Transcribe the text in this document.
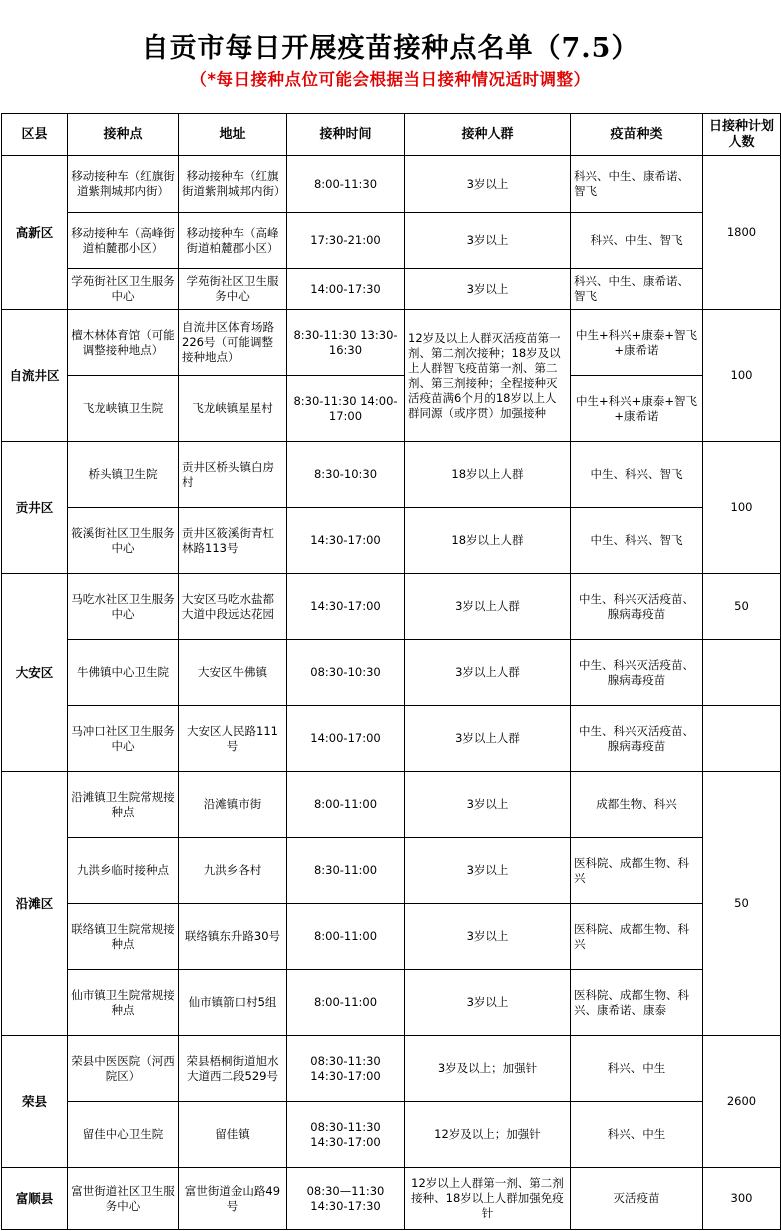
自贡市每日开展疫苗接种点名单（7.5）
（*每日接种点位可能会根据当日接种情况适时调整）
区县	接种点	地址	接种时间	接种人群	疫苗种类	日接种计划人数
高新区	移动接种车（红旗街道紫荆城邦内街）	移动接种车（红旗街道紫荆城邦内街）	8:00-11:30	3岁以上	科兴、中生、康希诺、智飞	1800
	移动接种车（高峰街道柏麓郡小区）	移动接种车（高峰街道柏麓郡小区）	17:30-21:00	3岁以上	科兴、中生、智飞	
	学苑街社区卫生服务中心	学苑街社区卫生服务中心	14:00-17:30	3岁以上	科兴、中生、康希诺、智飞	
自流井区	檀木林体育馆（可能调整接种地点）	自流井区体育场路226号（可能调整接种地点）	8:30-11:30 13:30-16:30	12岁及以上人群灭活疫苗第一剂、第二剂次接种；18岁及以上人群智飞疫苗第一剂、第二剂、第三剂接种；全程接种灭活疫苗满6个月的18岁以上人群同源（或序贯）加强接种	中生+科兴+康泰+智飞+康希诺	100
	飞龙峡镇卫生院	飞龙峡镇星星村	8:30-11:30 14:00-17:00		中生+科兴+康泰+智飞+康希诺	
贡井区	桥头镇卫生院	贡井区桥头镇白房村	8:30-10:30	18岁以上人群	中生、科兴、智飞	100
	筱溪街社区卫生服务中心	贡井区筱溪街青杠林路113号	14:30-17:00	18岁以上人群	中生、科兴、智飞	
大安区	马吃水社区卫生服务中心	大安区马吃水盐都大道中段远达花园	14:30-17:00	3岁以上人群	中生、科兴灭活疫苗、腺病毒疫苗	50
	牛佛镇中心卫生院	大安区牛佛镇	08:30-10:30	3岁以上人群	中生、科兴灭活疫苗、腺病毒疫苗	
	马冲口社区卫生服务中心	大安区人民路111号	14:00-17:00	3岁以上人群	中生、科兴灭活疫苗、腺病毒疫苗	
沿滩区	沿滩镇卫生院常规接种点	沿滩镇市街	8:00-11:00	3岁以上	成都生物、科兴	50
	九洪乡临时接种点	九洪乡各村	8:30-11:00	3岁以上	医科院、成都生物、科兴	
	联络镇卫生院常规接种点	联络镇东升路30号	8:00-11:00	3岁以上	医科院、成都生物、科兴	
	仙市镇卫生院常规接种点	仙市镇箭口村5组	8:00-11:00	3岁以上	医科院、成都生物、科兴、康希诺、康泰	
荣县	荣县中医医院（河西院区）	荣县梧桐街道旭水大道西二段529号	08:30-11:30 14:30-17:00	3岁及以上；加强针	科兴、中生	2600
	留佳中心卫生院	留佳镇	08:30-11:30 14:30-17:00	12岁及以上；加强针	科兴、中生	
富顺县	富世街道社区卫生服务中心	富世街道金山路49号	08:30—11:30 14:30-17:30	12岁以上人群第一剂、第二剂接种、18岁以上人群加强免疫针	灭活疫苗	300
